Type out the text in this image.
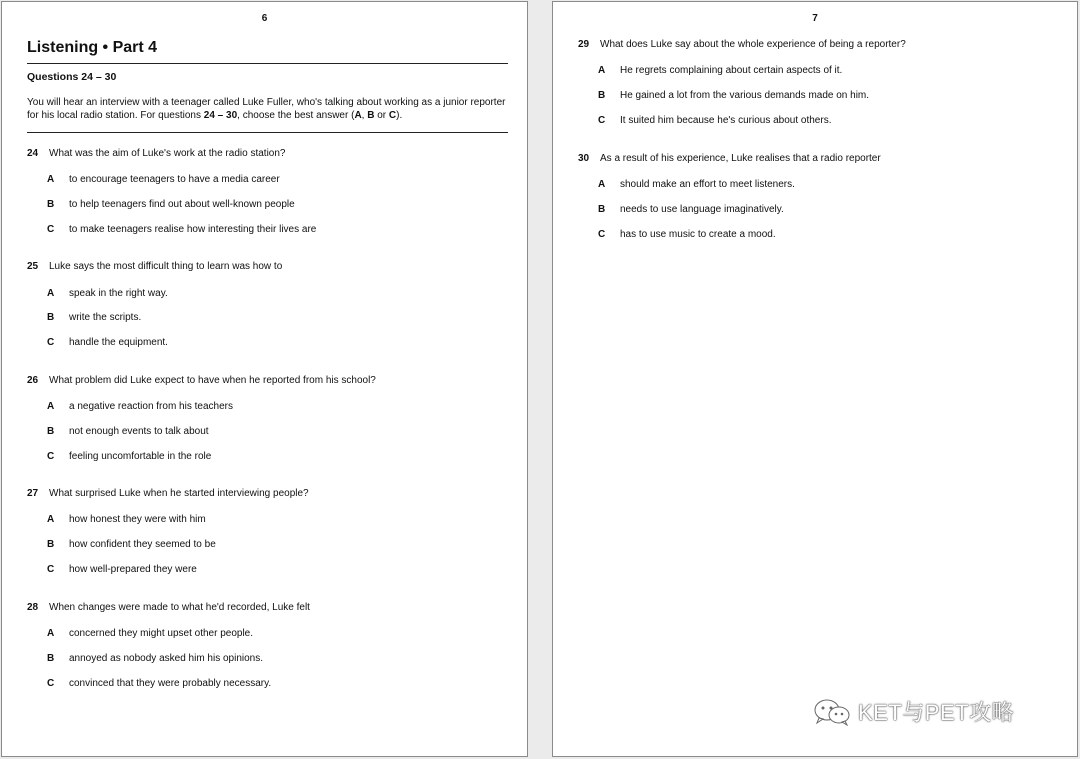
6
Listening • Part 4
Questions 24 – 30
You will hear an interview with a teenager called Luke Fuller, who's talking about working as a junior reporter for his local radio station. For questions 24 – 30, choose the best answer (A, B or C).
24 What was the aim of Luke's work at the radio station?
A to encourage teenagers to have a media career
B to help teenagers find out about well-known people
C to make teenagers realise how interesting their lives are
25 Luke says the most difficult thing to learn was how to
A speak in the right way.
B write the scripts.
C handle the equipment.
26 What problem did Luke expect to have when he reported from his school?
A a negative reaction from his teachers
B not enough events to talk about
C feeling uncomfortable in the role
27 What surprised Luke when he started interviewing people?
A how honest they were with him
B how confident they seemed to be
C how well-prepared they were
28 When changes were made to what he'd recorded, Luke felt
A concerned they might upset other people.
B annoyed as nobody asked him his opinions.
C convinced that they were probably necessary.
7
29 What does Luke say about the whole experience of being a reporter?
A He regrets complaining about certain aspects of it.
B He gained a lot from the various demands made on him.
C It suited him because he's curious about others.
30 As a result of his experience, Luke realises that a radio reporter
A should make an effort to meet listeners.
B needs to use language imaginatively.
C has to use music to create a mood.
KET与PET攻略
